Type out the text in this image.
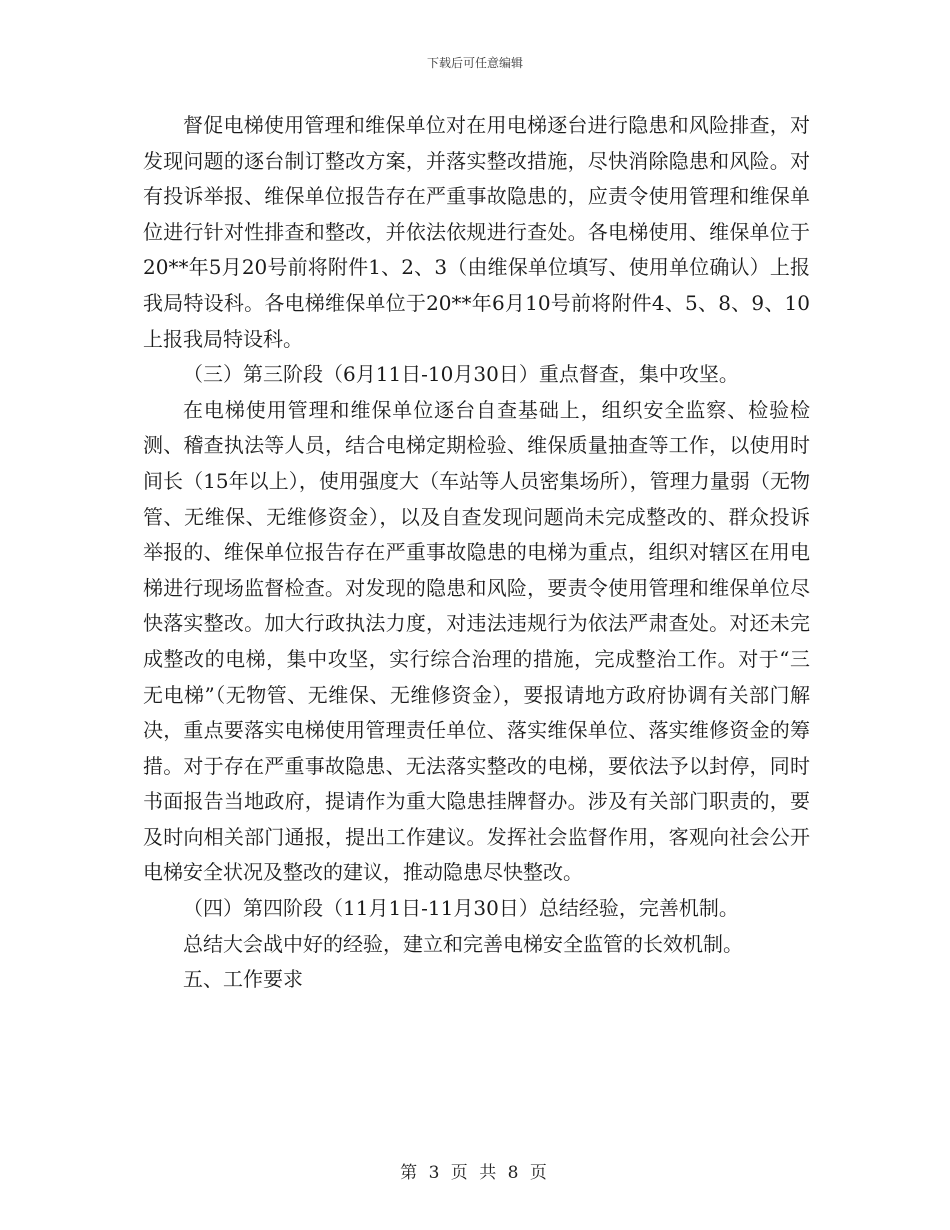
下载后可任意编辑

督促电梯使用管理和维保单位对在用电梯逐台进行隐患和风险排查，对发现问题的逐台制订整改方案，并落实整改措施，尽快消除隐患和风险。对有投诉举报、维保单位报告存在严重事故隐患的，应责令使用管理和维保单位进行针对性排查和整改，并依法依规进行查处。各电梯使用、维保单位于20**年5月20号前将附件1、2、3（由维保单位填写、使用单位确认）上报我局特设科。各电梯维保单位于20**年6月10号前将附件4、5、8、9、10上报我局特设科。

（三）第三阶段（6月11日-10月30日）重点督查，集中攻坚。

在电梯使用管理和维保单位逐台自查基础上，组织安全监察、检验检测、稽查执法等人员，结合电梯定期检验、维保质量抽查等工作，以使用时间长（15年以上），使用强度大（车站等人员密集场所），管理力量弱（无物管、无维保、无维修资金），以及自查发现问题尚未完成整改的、群众投诉举报的、维保单位报告存在严重事故隐患的电梯为重点，组织对辖区在用电梯进行现场监督检查。对发现的隐患和风险，要责令使用管理和维保单位尽快落实整改。加大行政执法力度，对违法违规行为依法严肃查处。对还未完成整改的电梯，集中攻坚，实行综合治理的措施，完成整治工作。对于“三无电梯”（无物管、无维保、无维修资金），要报请地方政府协调有关部门解决，重点要落实电梯使用管理责任单位、落实维保单位、落实维修资金的筹措。对于存在严重事故隐患、无法落实整改的电梯，要依法予以封停，同时书面报告当地政府，提请作为重大隐患挂牌督办。涉及有关部门职责的，要及时向相关部门通报，提出工作建议。发挥社会监督作用，客观向社会公开电梯安全状况及整改的建议，推动隐患尽快整改。

（四）第四阶段（11月1日-11月30日）总结经验，完善机制。

总结大会战中好的经验，建立和完善电梯安全监管的长效机制。

五、工作要求

第 3 页 共 8 页
